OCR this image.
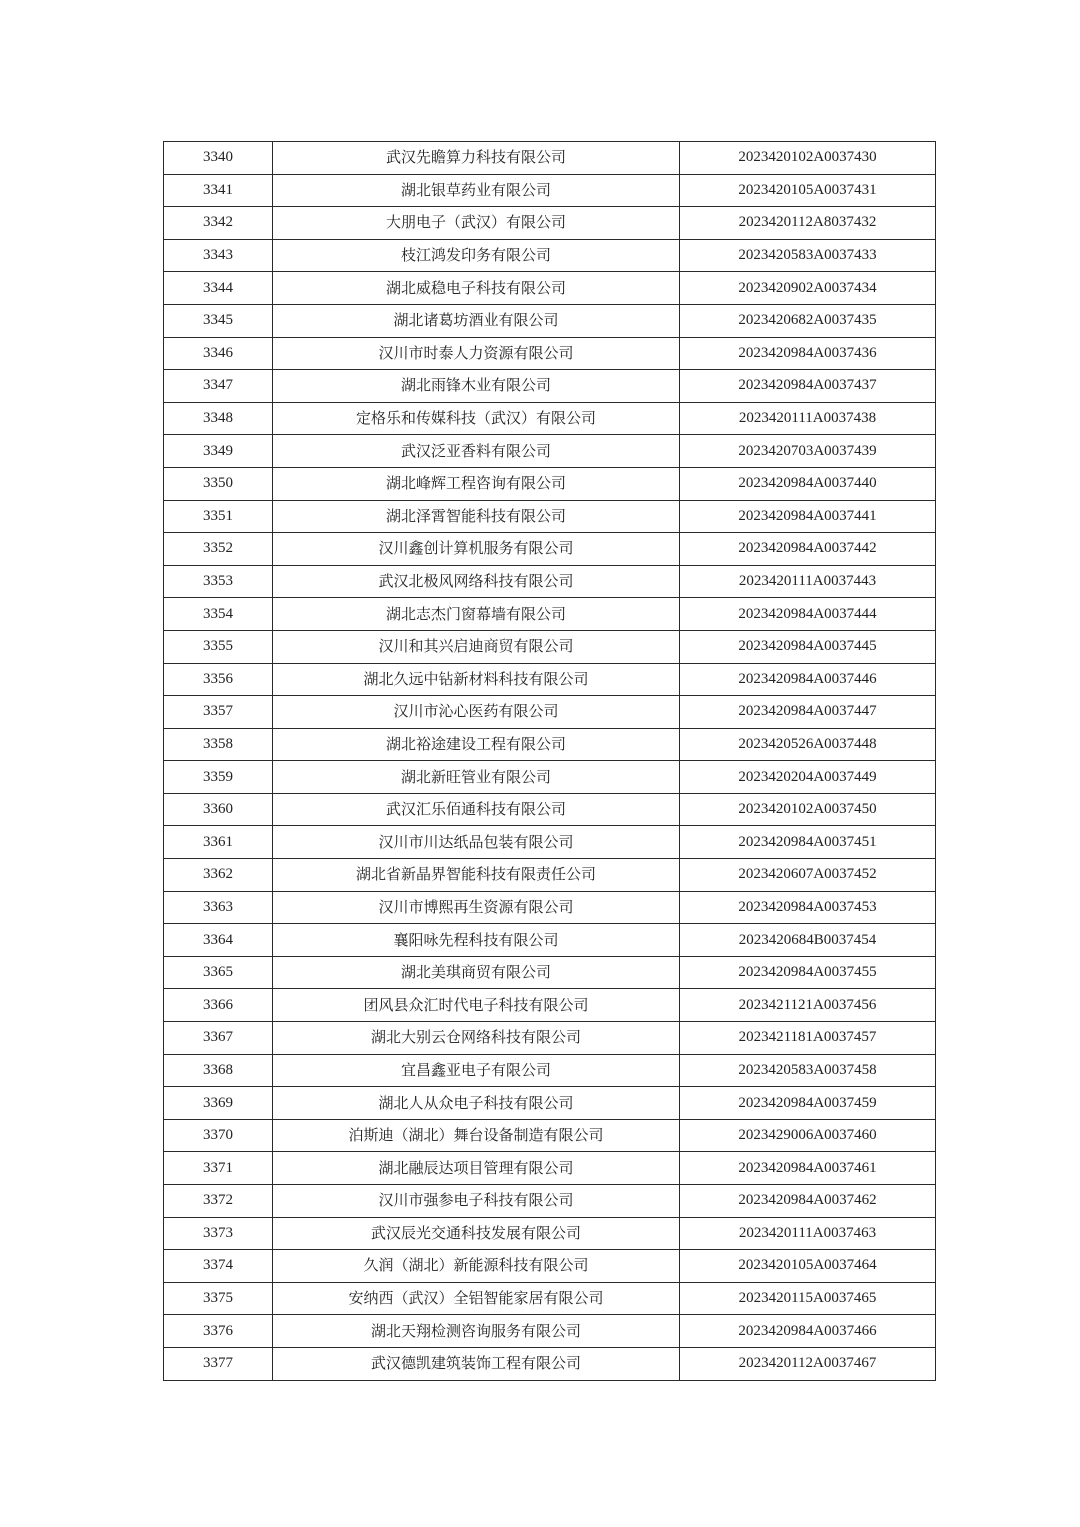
3340	武汉先瞻算力科技有限公司	2023420102A0037430
3341	湖北银草药业有限公司	2023420105A0037431
3342	大朋电子（武汉）有限公司	2023420112A8037432
3343	枝江鸿发印务有限公司	2023420583A0037433
3344	湖北威稳电子科技有限公司	2023420902A0037434
3345	湖北诸葛坊酒业有限公司	2023420682A0037435
3346	汉川市时泰人力资源有限公司	2023420984A0037436
3347	湖北雨锋木业有限公司	2023420984A0037437
3348	定格乐和传媒科技（武汉）有限公司	2023420111A0037438
3349	武汉泛亚香料有限公司	2023420703A0037439
3350	湖北峰辉工程咨询有限公司	2023420984A0037440
3351	湖北泽霄智能科技有限公司	2023420984A0037441
3352	汉川鑫创计算机服务有限公司	2023420984A0037442
3353	武汉北极风网络科技有限公司	2023420111A0037443
3354	湖北志杰门窗幕墙有限公司	2023420984A0037444
3355	汉川和其兴启迪商贸有限公司	2023420984A0037445
3356	湖北久远中钻新材料科技有限公司	2023420984A0037446
3357	汉川市沁心医药有限公司	2023420984A0037447
3358	湖北裕途建设工程有限公司	2023420526A0037448
3359	湖北新旺管业有限公司	2023420204A0037449
3360	武汉汇乐佰通科技有限公司	2023420102A0037450
3361	汉川市川达纸品包装有限公司	2023420984A0037451
3362	湖北省新晶界智能科技有限责任公司	2023420607A0037452
3363	汉川市博熙再生资源有限公司	2023420984A0037453
3364	襄阳咏先程科技有限公司	2023420684B0037454
3365	湖北美琪商贸有限公司	2023420984A0037455
3366	团风县众汇时代电子科技有限公司	2023421121A0037456
3367	湖北大别云仓网络科技有限公司	2023421181A0037457
3368	宜昌鑫亚电子有限公司	2023420583A0037458
3369	湖北人从众电子科技有限公司	2023420984A0037459
3370	泊斯迪（湖北）舞台设备制造有限公司	2023429006A0037460
3371	湖北融辰达项目管理有限公司	2023420984A0037461
3372	汉川市强参电子科技有限公司	2023420984A0037462
3373	武汉辰光交通科技发展有限公司	2023420111A0037463
3374	久润（湖北）新能源科技有限公司	2023420105A0037464
3375	安纳西（武汉）全铝智能家居有限公司	2023420115A0037465
3376	湖北天翔检测咨询服务有限公司	2023420984A0037466
3377	武汉德凯建筑装饰工程有限公司	2023420112A0037467
